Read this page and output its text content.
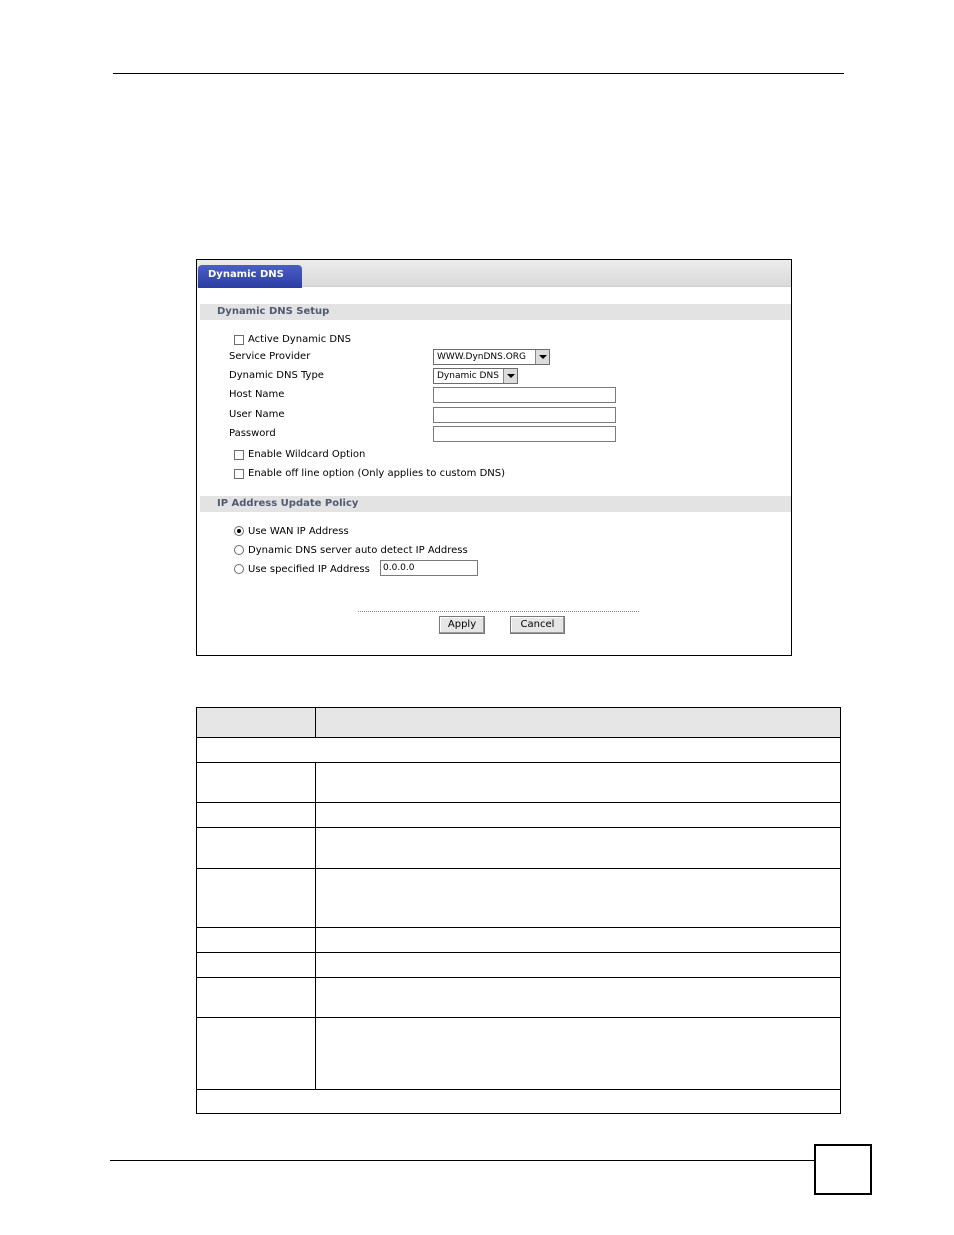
Dynamic DNS
Dynamic DNS Setup
Active Dynamic DNS
Service Provider	WWW.DynDNS.ORG
Dynamic DNS Type	Dynamic DNS
Host Name
User Name
Password
Enable Wildcard Option
Enable off line option (Only applies to custom DNS)
IP Address Update Policy
Use WAN IP Address
Dynamic DNS server auto detect IP Address
Use specified IP Address	0.0.0.0
Apply	Cancel
